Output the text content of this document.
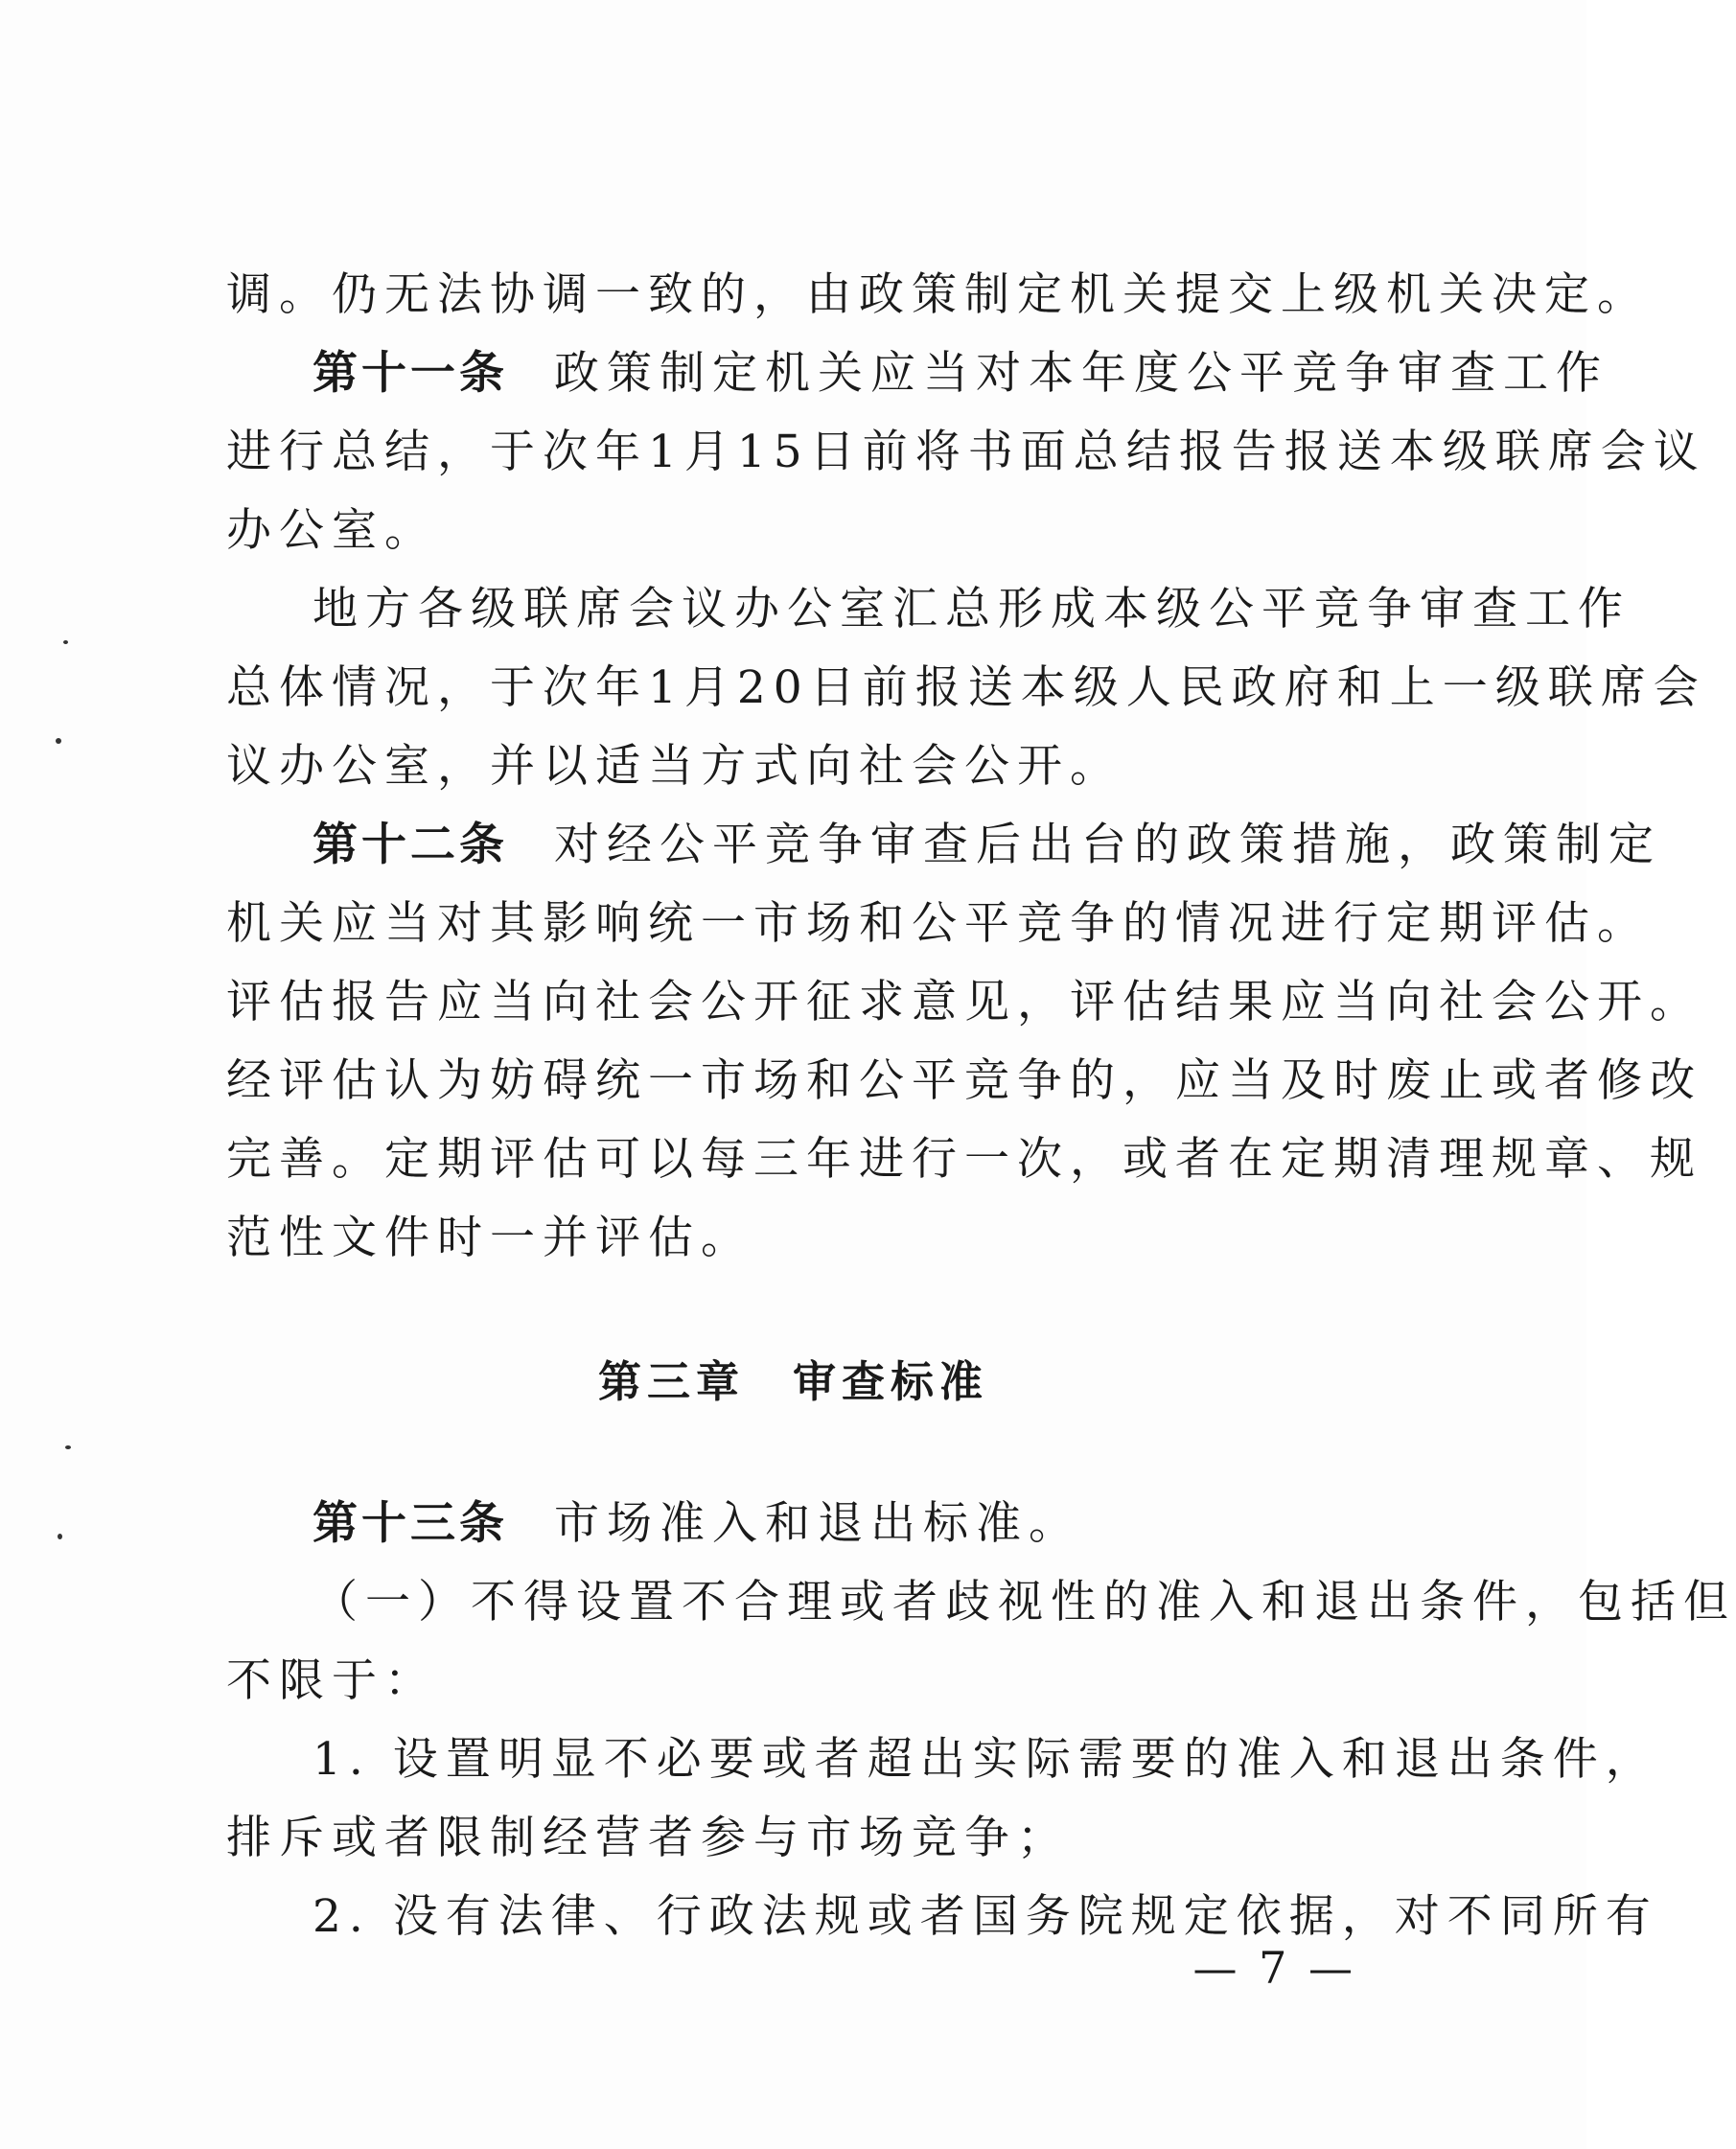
调。仍无法协调一致的，由政策制定机关提交上级机关决定。
第十一条 政策制定机关应当对本年度公平竞争审查工作
进行总结，于次年1月15日前将书面总结报告报送本级联席会议
办公室。
地方各级联席会议办公室汇总形成本级公平竞争审查工作
总体情况，于次年1月20日前报送本级人民政府和上一级联席会
议办公室，并以适当方式向社会公开。
第十二条 对经公平竞争审查后出台的政策措施，政策制定
机关应当对其影响统一市场和公平竞争的情况进行定期评估。
评估报告应当向社会公开征求意见，评估结果应当向社会公开。
经评估认为妨碍统一市场和公平竞争的，应当及时废止或者修改
完善。定期评估可以每三年进行一次，或者在定期清理规章、规
范性文件时一并评估。
第三章 审查标准
第十三条 市场准入和退出标准。
（一）不得设置不合理或者歧视性的准入和退出条件，包括但
不限于：
1. 设置明显不必要或者超出实际需要的准入和退出条件，
排斥或者限制经营者参与市场竞争；
2. 没有法律、行政法规或者国务院规定依据，对不同所有
— 7 —
